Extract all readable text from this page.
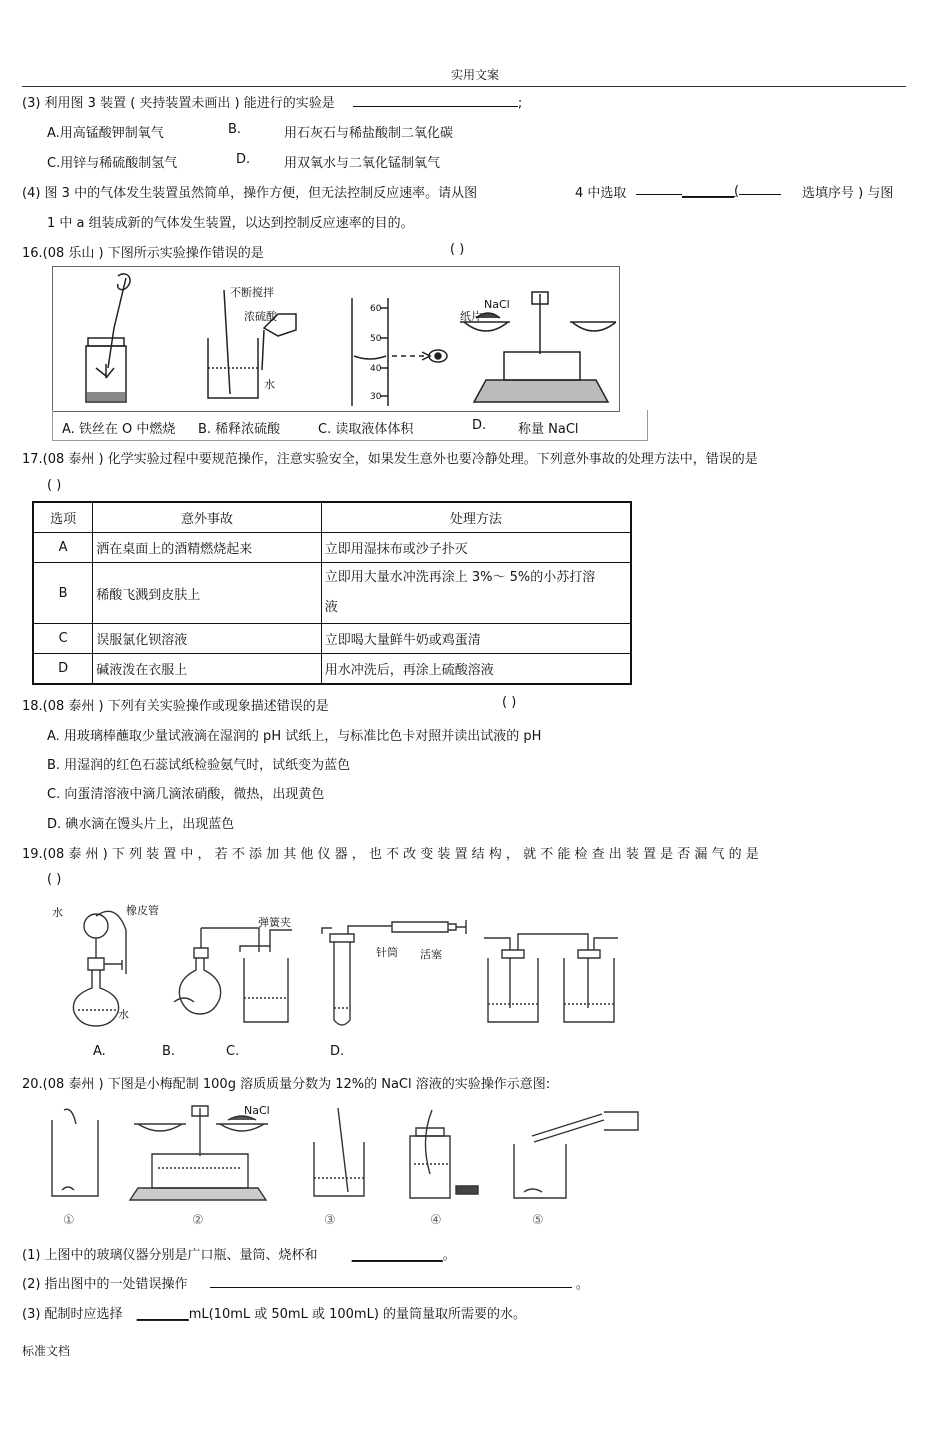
实用文案
(3) 利用图 3 装置 ( 夹持装置未画出 ) 能进行的实验是	;
A.用高锰酸钾制氧气	B.	用石灰石与稀盐酸制二氧化碳
C.用锌与稀硫酸制氢气	D.	用双氧水与二氧化锰制氧气
(4) 图 3 中的气体发生装置虽然简单，操作方便，但无法控制反应速率。请从图	4 中选取	________(	选填序号 ) 与图
1 中 a 组装成新的气体发生装置，以达到控制反应速率的目的。
16.(08 乐山 ) 下图所示实验操作错误的是	( )
不断搅拌
浓硫酸
水
60
50
40
30
NaCl
纸片
A. 铁丝在 O 中燃烧 B. 稀释浓硫酸	C. 读取液体体积	D. 称量 NaCl
17.(08 泰州 ) 化学实验过程中要规范操作，注意实验安全，如果发生意外也要冷静处理。下列意外事故的处理方法中，错误的是
( )
选项	意外事故	处理方法
A	洒在桌面上的酒精燃烧起来	立即用湿抹布或沙子扑灭
B	稀酸飞溅到皮肤上	立即用大量水冲洗再涂上 3%～ 5%的小苏打溶
液

C	误服氯化钡溶液	立即喝大量鲜牛奶或鸡蛋清
D	碱液泼在衣服上	用水冲洗后，再涂上硫酸溶液
18.(08 泰州 ) 下列有关实验操作或现象描述错误的是	( )
A. 用玻璃棒蘸取少量试液滴在湿润的 pH 试纸上，与标准比色卡对照并读出试液的 pH
B. 用湿润的红色石蕊试纸检验氨气时，试纸变为蓝色
C. 向蛋清溶液中滴几滴浓硝酸，微热，出现黄色
D. 碘水滴在馒头片上，出现蓝色
19.(08 泰 州 ) 下 列 装 置 中 ， 若 不 添 加 其 他 仪 器 ， 也 不 改 变 装 置 结 构 ， 就 不 能 检 查 出 装 置 是 否 漏 气 的 是
( )
水	橡皮管
水
弹簧夹
针筒 活塞
A.	B.	C.	D.
20.(08 泰州 ) 下图是小梅配制 100g 溶质质量分数为 12%的 NaCl 溶液的实验操作示意图:
NaCl
①	②	③	④	⑤
(1) 上图中的玻璃仪器分别是广口瓶、量筒、烧杯和	______________。
(2) 指出图中的一处错误操作	。
(3) 配制时应选择 ________mL(10mL 或 50mL 或 100mL) 的量筒量取所需要的水。
标准文档
